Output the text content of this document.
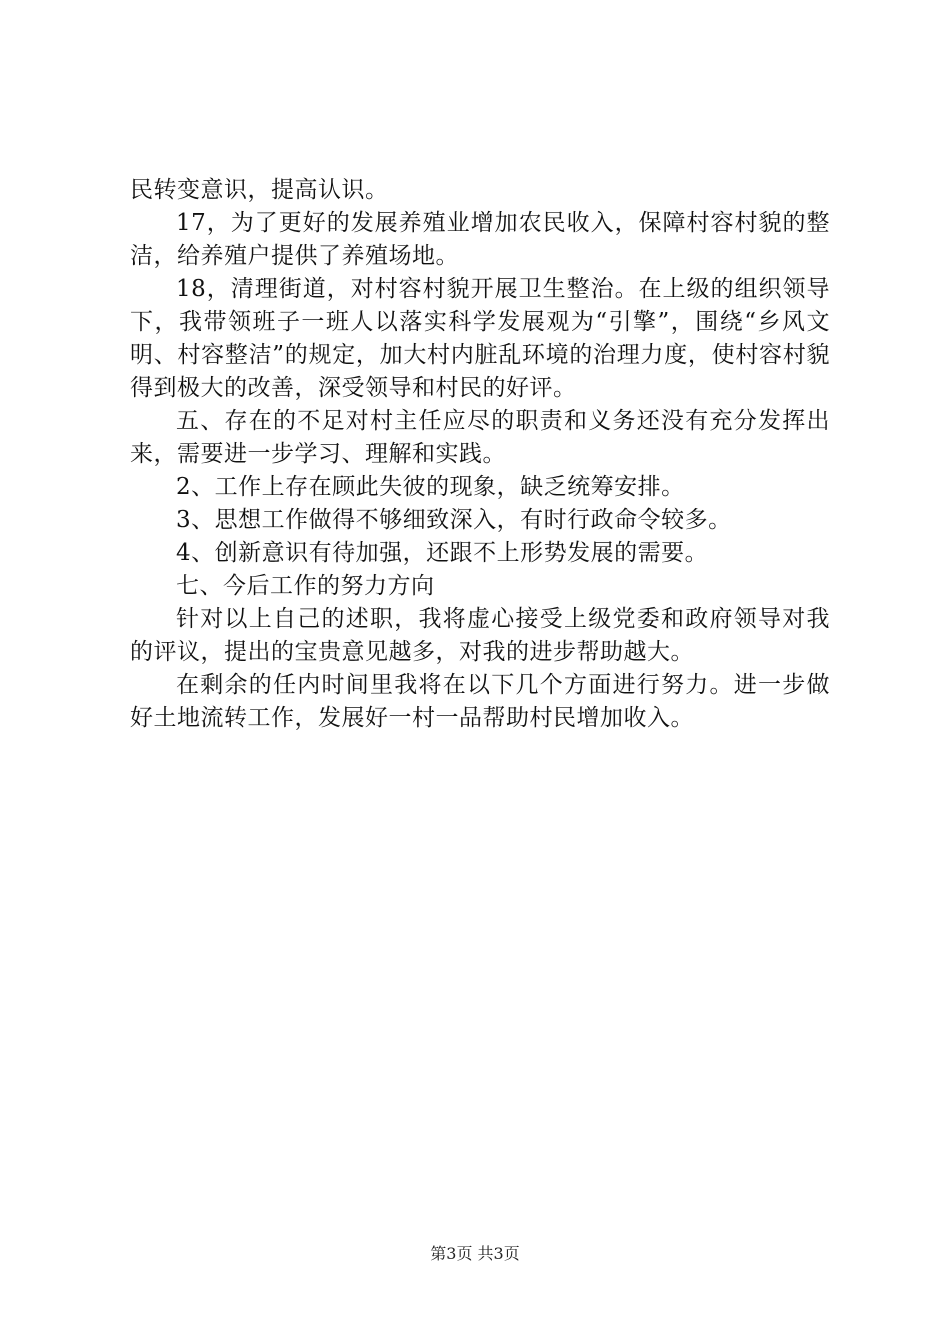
民转变意识，提高认识。

17，为了更好的发展养殖业增加农民收入，保障村容村貌的整洁，给养殖户提供了养殖场地。

18，清理街道，对村容村貌开展卫生整治。在上级的组织领导下，我带领班子一班人以落实科学发展观为“引擎”，围绕“乡风文明、村容整洁”的规定，加大村内脏乱环境的治理力度，使村容村貌得到极大的改善，深受领导和村民的好评。

五、存在的不足对村主任应尽的职责和义务还没有充分发挥出来，需要进一步学习、理解和实践。

2、工作上存在顾此失彼的现象，缺乏统筹安排。

3、思想工作做得不够细致深入，有时行政命令较多。

4、创新意识有待加强，还跟不上形势发展的需要。

七、今后工作的努力方向

针对以上自己的述职，我将虚心接受上级党委和政府领导对我的评议，提出的宝贵意见越多，对我的进步帮助越大。

在剩余的任内时间里我将在以下几个方面进行努力。进一步做好土地流转工作，发展好一村一品帮助村民增加收入。

第3页 共3页
